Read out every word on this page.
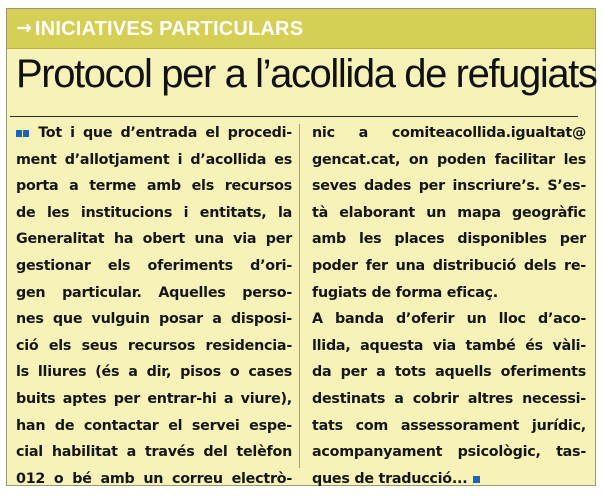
→ INICIATIVES PARTICULARS
Protocol per a l’acollida de refugiats
Tot i que d’entrada el procedi-
ment d’allotjament i d’acollida es
porta a terme amb els recursos
de les institucions i entitats, la
Generalitat ha obert una via per
gestionar els oferiments d’ori-
gen particular. Aquelles perso-
nes que vulguin posar a disposi-
ció els seus recursos residencia-
ls lliures (és a dir, pisos o cases
buits aptes per entrar-hi a viure),
han de contactar el servei espe-
cial habilitat a través del telèfon
012 o bé amb un correu electrò-
nic a comiteacollida.igualtat@
gencat.cat, on poden facilitar les
seves dades per inscriure’s. S’es-
tà elaborant un mapa geogràfic
amb les places disponibles per
poder fer una distribució dels re-
fugiats de forma eficaç.
A banda d’oferir un lloc d’aco-
llida, aquesta via també és vàli-
da per a tots aquells oferiments
destinats a cobrir altres necessi-
tats com assessorament jurídic,
acompanyament psicològic, tas-
ques de traducció...
